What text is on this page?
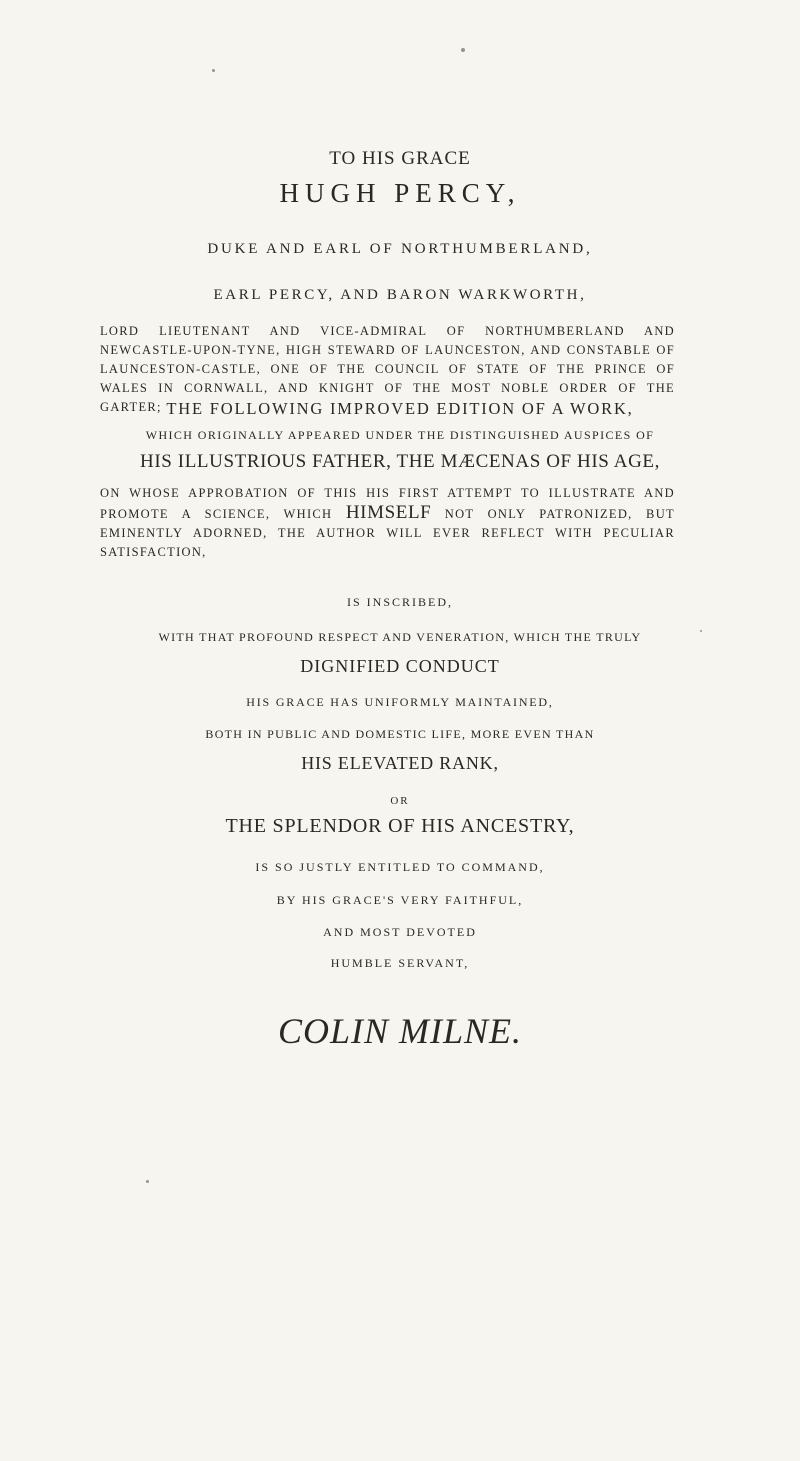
TO HIS GRACE
HUGH PERCY,
DUKE AND EARL OF NORTHUMBERLAND,
EARL PERCY, AND BARON WARKWORTH,
LORD LIEUTENANT AND VICE-ADMIRAL OF NORTHUMBERLAND AND NEWCASTLE-UPON-TYNE, HIGH STEWARD OF LAUNCESTON, AND CONSTABLE OF LAUNCESTON-CASTLE, ONE OF THE COUNCIL OF STATE OF THE PRINCE OF WALES IN CORNWALL, AND KNIGHT OF THE MOST NOBLE ORDER OF THE GARTER; THE FOLLOWING IMPROVED EDITION OF A WORK,
WHICH ORIGINALLY APPEARED UNDER THE DISTINGUISHED AUSPICES OF
HIS ILLUSTRIOUS FATHER, THE MÆCENAS OF HIS AGE,
ON WHOSE APPROBATION OF THIS HIS FIRST ATTEMPT TO ILLUSTRATE AND PROMOTE A SCIENCE, WHICH HIMSELF NOT ONLY PATRONIZED, BUT EMINENTLY ADORNED, THE AUTHOR WILL EVER REFLECT WITH PECULIAR SATISFACTION,
IS INSCRIBED,
WITH THAT PROFOUND RESPECT AND VENERATION, WHICH THE TRULY
DIGNIFIED CONDUCT
HIS GRACE HAS UNIFORMLY MAINTAINED,
BOTH IN PUBLIC AND DOMESTIC LIFE, MORE EVEN THAN
HIS ELEVATED RANK,
OR
THE SPLENDOR OF HIS ANCESTRY,
IS SO JUSTLY ENTITLED TO COMMAND,
BY HIS GRACE'S VERY FAITHFUL,
AND MOST DEVOTED
HUMBLE SERVANT,
COLIN MILNE.
